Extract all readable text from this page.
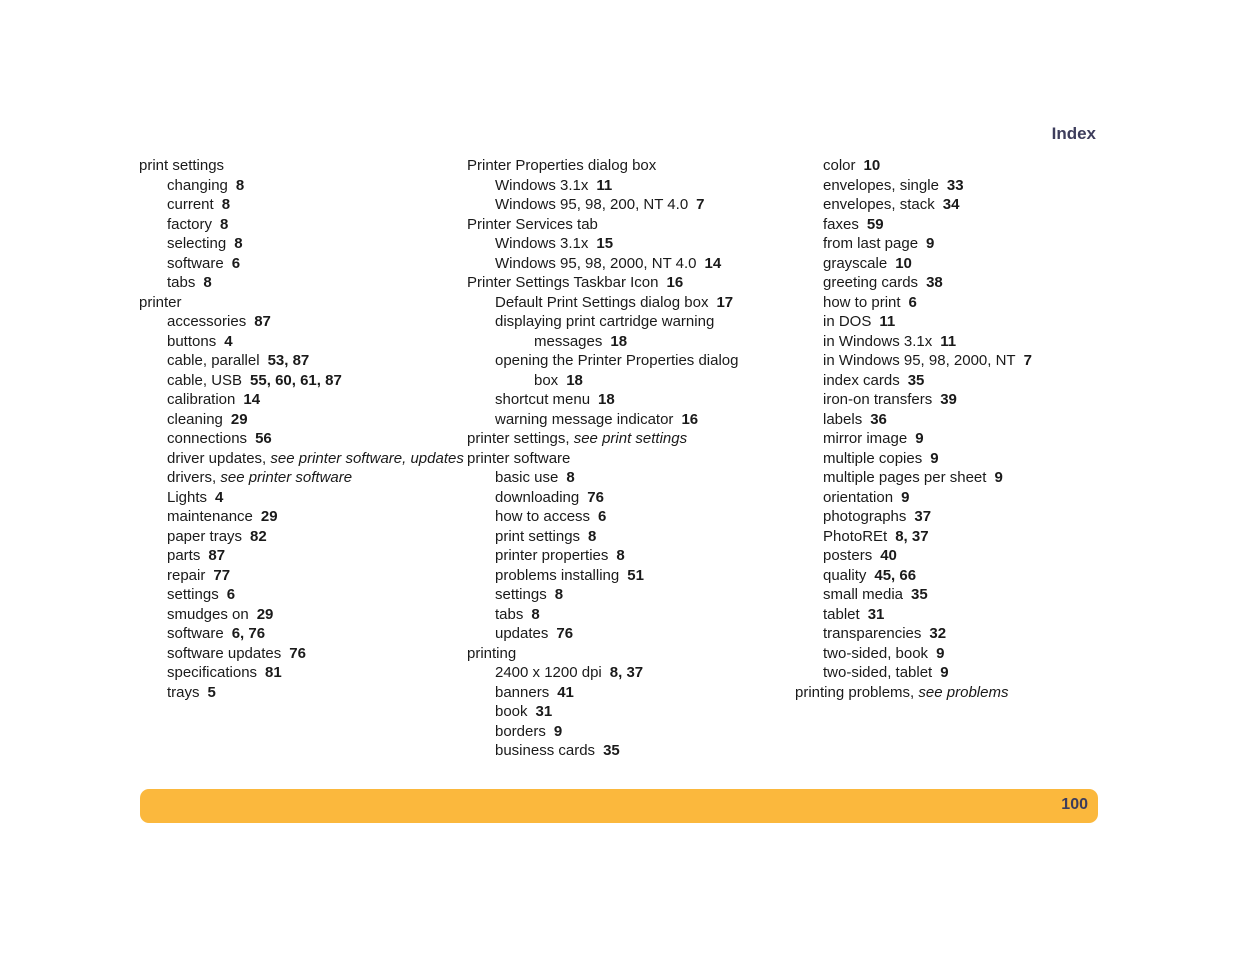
Index
print settings
changing 8
current 8
factory 8
selecting 8
software 6
tabs 8
printer
accessories 87
buttons 4
cable, parallel 53, 87
cable, USB 55, 60, 61, 87
calibration 14
cleaning 29
connections 56
driver updates, see printer software, updates
drivers, see printer software
Lights 4
maintenance 29
paper trays 82
parts 87
repair 77
settings 6
smudges on 29
software 6, 76
software updates 76
specifications 81
trays 5
Printer Properties dialog box
Windows 3.1x 11
Windows 95, 98, 200, NT 4.0 7
Printer Services tab
Windows 3.1x 15
Windows 95, 98, 2000, NT 4.0 14
Printer Settings Taskbar Icon 16
Default Print Settings dialog box 17
displaying print cartridge warning
messages 18
opening the Printer Properties dialog
box 18
shortcut menu 18
warning message indicator 16
printer settings, see print settings
printer software
basic use 8
downloading 76
how to access 6
print settings 8
printer properties 8
problems installing 51
settings 8
tabs 8
updates 76
printing
2400 x 1200 dpi 8, 37
banners 41
book 31
borders 9
business cards 35
color 10
envelopes, single 33
envelopes, stack 34
faxes 59
from last page 9
grayscale 10
greeting cards 38
how to print 6
in DOS 11
in Windows 3.1x 11
in Windows 95, 98, 2000, NT 7
index cards 35
iron-on transfers 39
labels 36
mirror image 9
multiple copies 9
multiple pages per sheet 9
orientation 9
photographs 37
PhotoREt 8, 37
posters 40
quality 45, 66
small media 35
tablet 31
transparencies 32
two-sided, book 9
two-sided, tablet 9
printing problems, see problems
100
